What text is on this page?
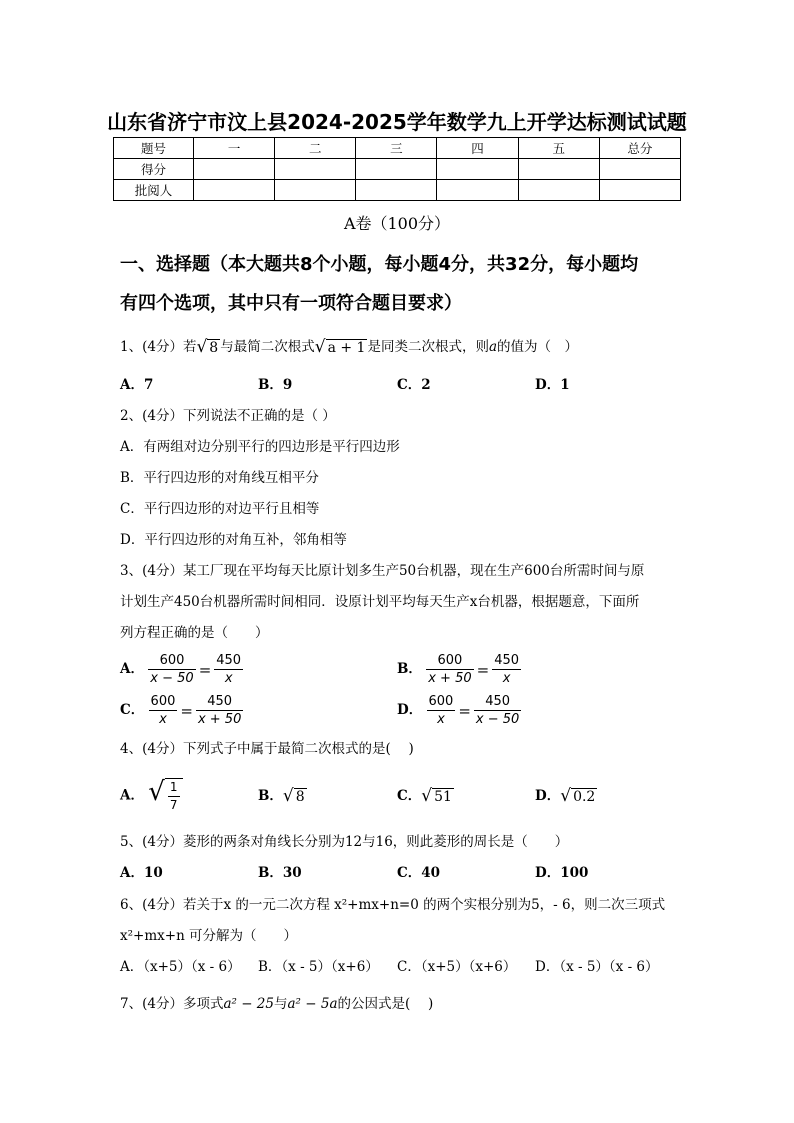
山东省济宁市汶上县2024-2025学年数学九上开学达标测试试题
题号	一	二	三	四	五	总分
得分						
批阅人						
A卷（100分）
一、选择题（本大题共8个小题，每小题4分，共32分，每小题均
有四个选项，其中只有一项符合题目要求）
1、(4分）若√ 8 与最简二次根式√ a + 1 是同类二次根式，则a的值为（　）
A．7	B．9	C．2	D．1
2、(4分）下列说法不正确的是（ ）
A．有两组对边分别平行的四边形是平行四边形
B．平行四边形的对角线互相平分
C．平行四边形的对边平行且相等
D．平行四边形的对角互补，邻角相等
3、(4分）某工厂现在平均每天比原计划多生产50台机器，现在生产600台所需时间与原
计划生产450台机器所需时间相同．设原计划平均每天生产x台机器，根据题意，下面所
列方程正确的是（　　）
A． $\frac{600}{x - 50} = \frac{450}{x}$	B． $\frac{600}{x + 50} = \frac{450}{x}$
C． $\frac{600}{x} = \frac{450}{x + 50}$	D． $\frac{600}{x} = \frac{450}{x - 50}$
4、(4分）下列式子中属于最简二次根式的是(　 )
A． √ $\frac{1}{7}$	B．√ 8	C．√ 51	D．√ 0.2
5、(4分）菱形的两条对角线长分别为12与16，则此菱形的周长是（　　）
A．10	B．30	C．40	D．100
6、(4分）若关于x 的一元二次方程 x²+mx+n=0 的两个实根分别为5，- 6，则二次三项式
x²+mx+n 可分解为（　　）
A．（x+5）（x - 6） B．（x - 5）（x+6） C．（x+5）（x+6） D．（x - 5）（x - 6）
7、(4分）多项式a² − 25与a² − 5a的公因式是(　 )
